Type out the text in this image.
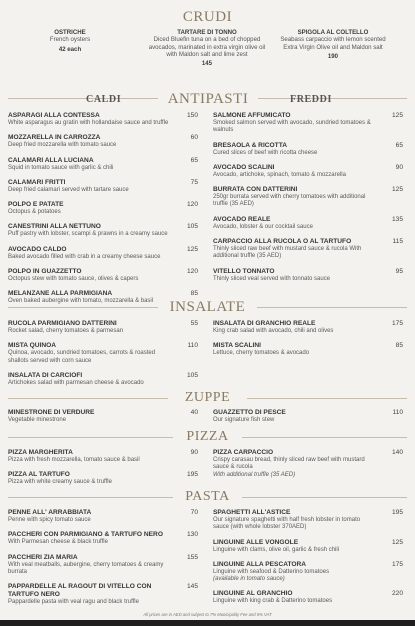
CRUDI
OSTRICHE
French oysters
42 each
TARTARE DI TONNO
Diced Bluefin tuna on a bed of chopped avocados, marinated in extra virgin olive oil with Maldon salt and lime zest
145
SPIGOLA AL COLTELLO
Seabass carpaccio with lemon scented Extra Virgin Olive oil and Maldon salt
190
CALDI	ANTIPASTI	FREDDI
ASPARAGI ALLA CONTESSA	150
White asparagus au gratin with hollandaise sauce and truffle
MOZZARELLA IN CARROZZA	60
Deep fried mozzarella with tomato sauce
CALAMARI ALLA LUCIANA	65
Squid in tomato sauce with garlic & chili
CALAMARI FRITTI	75
Deep fried calamari served with tartare sauce
POLPO E PATATE	120
Octopus & potatoes
CANESTRINI ALLA NETTUNO	105
Puff pastry with lobster, scampi & prawns in a creamy sauce
AVOCADO CALDO	125
Baked avocado filled with crab in a creamy cheese sauce
POLPO IN GUAZZETTO	120
Octopus stew with tomato sauce, olives & capers
MELANZANE ALLA PARMIGIANA	85
Oven baked aubergine with tomato, mozzarella & basil
SALMONE AFFUMICATO	125
Smoked salmon served with avocado, sundried tomatoes & walnuts
BRESAOLA & RICOTTA	65
Cured slices of beef with ricotta cheese
AVOCADO SCALINI	90
Avocado, artichoke, spinach, tomato & mozzarella
BURRATA CON DATTERINI	125
250gr burrata served with cherry tomatoes with additional truffle (35 AED)
AVOCADO REALE	135
Avocado, lobster & our cocktail sauce
CARPACCIO ALLA RUCOLA O AL TARTUFO	115
Thinly sliced raw beef with mustard sauce & rucola With additional truffle (35 AED)
VITELLO TONNATO	95
Thinly sliced veal served with tonnato sauce
INSALATE
RUCOLA PARMIGIANO DATTERINI	55
Rocket salad, cherry tomatoes & parmesan
MISTA QUINOA	110
Quinoa, avocado, sundried tomatoes, carrots & roasted shallots served with corn sauce
INSALATA DI CARCIOFI	105
Artichokes salad with parmesan cheese & avocado
INSALATA DI GRANCHIO REALE	175
King crab salad with avocado, chili and olives
MISTA SCALINI	85
Lettuce, cherry tomatoes & avocado
ZUPPE
MINESTRONE DI VERDURE	40
Vegetable minestrone
GUAZZETTO DI PESCE	110
Our signature fish stew
PIZZA
PIZZA MARGHERITA	90
Pizza with fresh mozzarella, tomato sauce & basil
PIZZA AL TARTUFO	195
Pizza with white creamy sauce & truffle
PIZZA CARPACCIO	140
Crispy carasau bread, thinly sliced raw beef with mustard sauce & rucola
With additional truffle (35 AED)
PASTA
PENNE ALL' ARRABBIATA	70
Penne with spicy tomato sauce
PACCHERI CON PARMIGIANO & TARTUFO NERO	130
With Parmesan cheese & black truffle
PACCHERI ZIA MARIA	155
With veal meatballs, aubergine, cherry tomatoes & creamy burrata
PAPPARDELLE AL RAGOUT DI VITELLO CON TARTUFO NERO
145
Pappardelle pasta with veal ragu and black truffle
SPAGHETTI ALL'ASTICE	195
Our signature spaghetti with half fresh lobster in tomato sauce (with whole lobster 370AED)
LINGUINE ALLE VONGOLE	125
Linguine with clams, olive oil, garlic & fresh chili
LINGUINE ALLA PESCATORA	175
Linguine with seafood & Datterino tomatoes
(available in tomato sauce)
LINGUINE AL GRANCHIO	220
Linguine with king crab & Datterino tomatoes
All prices are in AED and subject to 7% Municipality Fee and 5% VAT
